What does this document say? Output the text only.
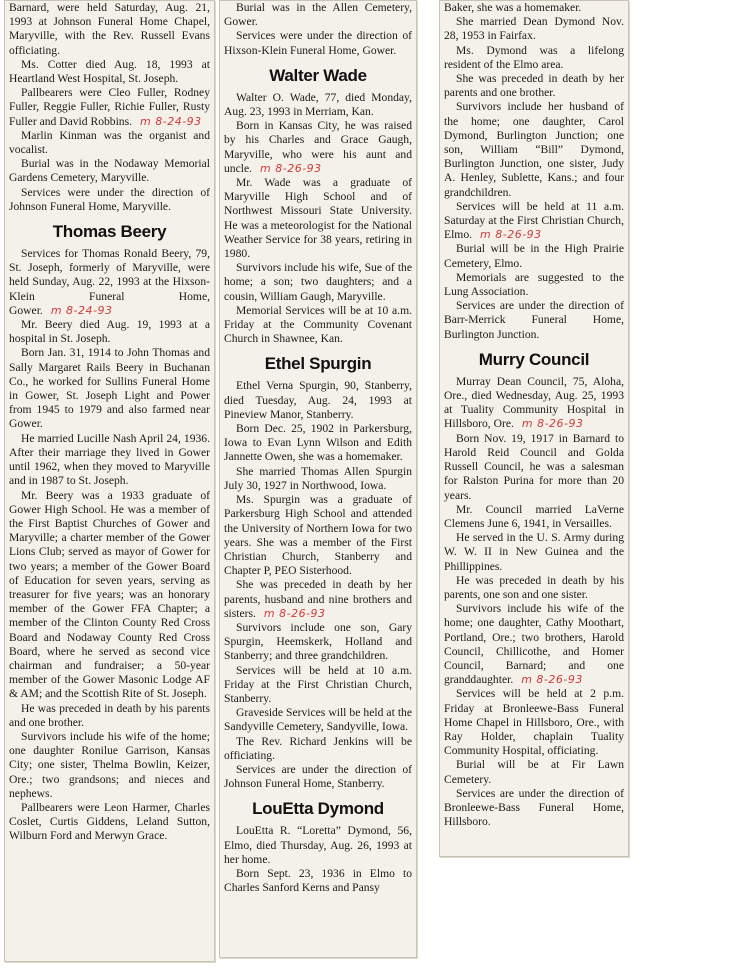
Barnard, were held Saturday, Aug. 21, 1993 at Johnson Funeral Home Chapel, Maryville, with the Rev. Russell Evans officiating.

Ms. Cotter died Aug. 18, 1993 at Heartland West Hospital, St. Joseph.

Pallbearers were Cleo Fuller, Rodney Fuller, Reggie Fuller, Richie Fuller, Rusty Fuller and David Robbins. m 8-24-93

Marlin Kinman was the organist and vocalist.

Burial was in the Nodaway Memorial Gardens Cemetery, Maryville.

Services were under the direction of Johnson Funeral Home, Maryville.

Thomas Beery

Services for Thomas Ronald Beery, 79, St. Joseph, formerly of Maryville, were held Sunday, Aug. 22, 1993 at the Hixson-Klein Funeral Home, Gower. m 8-24-93

Mr. Beery died Aug. 19, 1993 at a hospital in St. Joseph.

Born Jan. 31, 1914 to John Thomas and Sally Margaret Rails Beery in Buchanan Co., he worked for Sullins Funeral Home in Gower, St. Joseph Light and Power from 1945 to 1979 and also farmed near Gower.

He married Lucille Nash April 24, 1936. After their marriage they lived in Gower until 1962, when they moved to Maryville and in 1987 to St. Joseph.

Mr. Beery was a 1933 graduate of Gower High School. He was a member of the First Baptist Churches of Gower and Maryville; a charter member of the Gower Lions Club; served as mayor of Gower for two years; a member of the Gower Board of Education for seven years, serving as treasurer for five years; was an honorary member of the Gower FFA Chapter; a member of the Clinton County Red Cross Board and Nodaway County Red Cross Board, where he served as second vice chairman and fundraiser; a 50-year member of the Gower Masonic Lodge AF & AM; and the Scottish Rite of St. Joseph.

He was preceded in death by his parents and one brother.

Survivors include his wife of the home; one daughter Ronilue Garrison, Kansas City; one sister, Thelma Bowlin, Keizer, Ore.; two grandsons; and nieces and nephews.

Pallbearers were Leon Harmer, Charles Coslet, Curtis Giddens, Leland Sutton, Wilburn Ford and Merwyn Grace.

Burial was in the Allen Cemetery, Gower.

Services were under the direction of Hixson-Klein Funeral Home, Gower.

Walter Wade

Walter O. Wade, 77, died Monday, Aug. 23, 1993 in Merriam, Kan.

Born in Kansas City, he was raised by his Charles and Grace Gaugh, Maryville, who were his aunt and uncle. m 8-26-93

Mr. Wade was a graduate of Maryville High School and of Northwest Missouri State University. He was a meteorologist for the National Weather Service for 38 years, retiring in 1980.

Survivors include his wife, Sue of the home; a son; two daughters; and a cousin, William Gaugh, Maryville.

Memorial Services will be at 10 a.m. Friday at the Community Covenant Church in Shawnee, Kan.

Ethel Spurgin

Ethel Verna Spurgin, 90, Stanberry, died Tuesday, Aug. 24, 1993 at Pineview Manor, Stanberry.

Born Dec. 25, 1902 in Parkersburg, Iowa to Evan Lynn Wilson and Edith Jannette Owen, she was a homemaker.

She married Thomas Allen Spurgin July 30, 1927 in Northwood, Iowa.

Ms. Spurgin was a graduate of Parkersburg High School and attended the University of Northern Iowa for two years. She was a member of the First Christian Church, Stanberry and Chapter P, PEO Sisterhood.

She was preceded in death by her parents, husband and nine brothers and sisters. m 8-26-93

Survivors include one son, Gary Spurgin, Heemskerk, Holland and Stanberry; and three grandchildren.

Services will be held at 10 a.m. Friday at the First Christian Church, Stanberry.

Graveside Services will be held at the Sandyville Cemetery, Sandyville, Iowa.

The Rev. Richard Jenkins will be officiating.

Services are under the direction of Johnson Funeral Home, Stanberry.

LouEtta Dymond

LouEtta R. “Loretta” Dymond, 56, Elmo, died Thursday, Aug. 26, 1993 at her home.

Born Sept. 23, 1936 in Elmo to Charles Sanford Kerns and Pansy

Baker, she was a homemaker.

She married Dean Dymond Nov. 28, 1953 in Fairfax.

Ms. Dymond was a lifelong resident of the Elmo area.

She was preceded in death by her parents and one brother.

Survivors include her husband of the home; one daughter, Carol Dymond, Burlington Junction; one son, William “Bill” Dymond, Burlington Junction, one sister, Judy A. Henley, Sublette, Kans.; and four grandchildren.

Services will be held at 11 a.m. Saturday at the First Christian Church, Elmo. m 8-26-93

Burial will be in the High Prairie Cemetery, Elmo.

Memorials are suggested to the Lung Association.

Services are under the direction of Barr-Merrick Funeral Home, Burlington Junction.

Murry Council

Murray Dean Council, 75, Aloha, Ore., died Wednesday, Aug. 25, 1993 at Tuality Community Hospital in Hillsboro, Ore. m 8-26-93

Born Nov. 19, 1917 in Barnard to Harold Reid Council and Golda Russell Council, he was a salesman for Ralston Purina for more than 20 years.

Mr. Council married LaVerne Clemens June 6, 1941, in Versailles.

He served in the U. S. Army during W. W. II in New Guinea and the Phillippines.

He was preceded in death by his parents, one son and one sister.

Survivors include his wife of the home; one daughter, Cathy Moothart, Portland, Ore.; two brothers, Harold Council, Chillicothe, and Homer Council, Barnard; and one granddaughter. m 8-26-93

Services will be held at 2 p.m. Friday at Bronleewe-Bass Funeral Home Chapel in Hillsboro, Ore., with Ray Holder, chaplain Tuality Community Hospital, officiating.

Burial will be at Fir Lawn Cemetery.

Services are under the direction of Bronleewe-Bass Funeral Home, Hillsboro.
